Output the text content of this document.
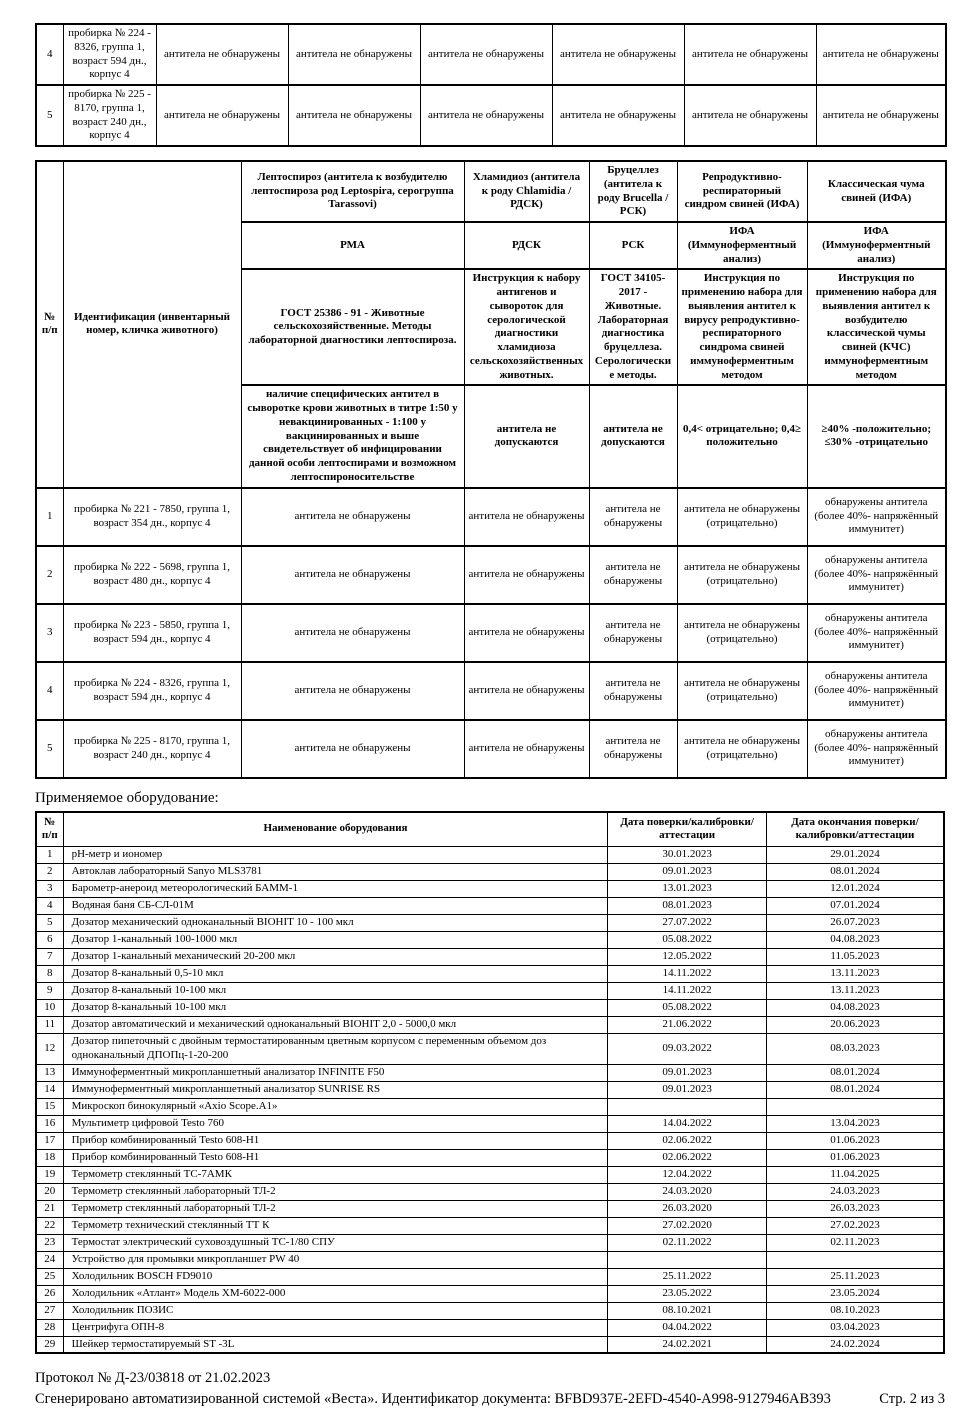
4	пробирка № 224 - 8326, группа 1, возраст 594 дн., корпус 4	антитела не обнаружены	антитела не обнаружены	антитела не обнаружены	антитела не обнаружены	антитела не обнаружены	антитела не обнаружены
5	пробирка № 225 - 8170, группа 1, возраст 240 дн., корпус 4	антитела не обнаружены	антитела не обнаружены	антитела не обнаружены	антитела не обнаружены	антитела не обнаружены	антитела не обнаружены
№ п/п	Идентификация (инвентарный номер, кличка животного)	Лептоспироз (антитела к возбудителю лептоспироза род Leptospira, серогруппа Tarassovi)	Хламидиоз (антитела к роду Chlamidia / РДСК)	Бруцеллез (антитела к роду Brucella / РСК)	Репродуктивно-респираторный синдром свиней (ИФА)	Классическая чума свиней (ИФА)
		РМА	РДСК	РСК	ИФА (Иммуноферментный анализ)	ИФА (Иммуноферментный анализ)
		ГОСТ 25386 - 91 - Животные сельскохозяйственные. Методы лабораторной диагностики лептоспироза.	Инструкция к набору антигенов и сывороток для серологической диагностики хламидиоза сельскохозяйственных животных.	ГОСТ 34105-2017 - Животные. Лабораторная диагностика бруцеллеза. Серологические методы.	Инструкция по применению набора для выявления антител к вирусу репродуктивно-респираторного синдрома свиней иммуноферментным методом	Инструкция по применению набора для выявления антител к возбудителю классической чумы свиней (КЧС) иммуноферментным методом
		наличие специфических антител в сыворотке крови животных в титре 1:50 у невакцинированных - 1:100 у вакцинированных и выше свидетельствует об инфицировании данной особи лептоспирами и возможном лептоспироносительстве	антитела не допускаются	антитела не допускаются	0,4< отрицательно; 0,4≥ положительно	≥40% -положительно; ≤30% -отрицательно
1	пробирка № 221 - 7850, группа 1, возраст 354 дн., корпус 4	антитела не обнаружены	антитела не обнаружены	антитела не обнаружены	антитела не обнаружены (отрицательно)	обнаружены антитела (более 40%- напряжённый иммунитет)
2	пробирка № 222 - 5698, группа 1, возраст 480 дн., корпус 4	антитела не обнаружены	антитела не обнаружены	антитела не обнаружены	антитела не обнаружены (отрицательно)	обнаружены антитела (более 40%- напряжённый иммунитет)
3	пробирка № 223 - 5850, группа 1, возраст 594 дн., корпус 4	антитела не обнаружены	антитела не обнаружены	антитела не обнаружены	антитела не обнаружены (отрицательно)	обнаружены антитела (более 40%- напряжённый иммунитет)
4	пробирка № 224 - 8326, группа 1, возраст 594 дн., корпус 4	антитела не обнаружены	антитела не обнаружены	антитела не обнаружены	антитела не обнаружены (отрицательно)	обнаружены антитела (более 40%- напряжённый иммунитет)
5	пробирка № 225 - 8170, группа 1, возраст 240 дн., корпус 4	антитела не обнаружены	антитела не обнаружены	антитела не обнаружены	антитела не обнаружены (отрицательно)	обнаружены антитела (более 40%- напряжённый иммунитет)
Применяемое оборудование:
№ п/п	Наименование оборудования	Дата поверки/калибровки/аттестации	Дата окончания поверки/калибровки/аттестации
1	pH-метр и иономер	30.01.2023	29.01.2024
2	Автоклав лабораторный Sanyo MLS3781	09.01.2023	08.01.2024
3	Барометр-анероид метеорологический БАММ-1	13.01.2023	12.01.2024
4	Водяная баня СБ-СЛ-01М	08.01.2023	07.01.2024
5	Дозатор механический одноканальный BIOHIT 10 - 100 мкл	27.07.2022	26.07.2023
6	Дозатор 1-канальный 100-1000 мкл	05.08.2022	04.08.2023
7	Дозатор 1-канальный механический 20-200 мкл	12.05.2022	11.05.2023
8	Дозатор 8-канальный 0,5-10 мкл	14.11.2022	13.11.2023
9	Дозатор 8-канальный 10-100 мкл	14.11.2022	13.11.2023
10	Дозатор 8-канальный 10-100 мкл	05.08.2022	04.08.2023
11	Дозатор автоматический и механический одноканальный BIOHIT 2,0 - 5000,0 мкл	21.06.2022	20.06.2023
12	Дозатор пипеточный с двойным термостатированным цветным корпусом с переменным объемом доз одноканальный ДПОПц-1-20-200	09.03.2022	08.03.2023
13	Иммуноферментный микропланшетный анализатор INFINITE F50	09.01.2023	08.01.2024
14	Иммуноферментный микропланшетный анализатор SUNRISE RS	09.01.2023	08.01.2024
15	Микроскоп бинокулярный «Axio Scope.A1»		
16	Мультиметр цифровой Testo 760	14.04.2022	13.04.2023
17	Прибор комбинированный Testo 608-H1	02.06.2022	01.06.2023
18	Прибор комбинированный Testo 608-H1	02.06.2022	01.06.2023
19	Термометр стеклянный ТС-7АМК	12.04.2022	11.04.2025
20	Термометр стеклянный лабораторный ТЛ-2	24.03.2020	24.03.2023
21	Термометр стеклянный лабораторный ТЛ-2	26.03.2020	26.03.2023
22	Термометр технический стеклянный ТТ К	27.02.2020	27.02.2023
23	Термостат электрический суховоздушный ТС-1/80 СПУ	02.11.2022	02.11.2023
24	Устройство для промывки микропланшет PW 40		
25	Холодильник BOSCH FD9010	25.11.2022	25.11.2023
26	Холодильник «Атлант» Модель ХМ-6022-000	23.05.2022	23.05.2024
27	Холодильник ПОЗИС	08.10.2021	08.10.2023
28	Центрифуга ОПН-8	04.04.2022	03.04.2023
29	Шейкер термостатируемый ST -3L	24.02.2021	24.02.2024
Протокол № Д-23/03818 от 21.02.2023
Сгенерировано автоматизированной системой «Веста». Идентификатор документа: BFBD937E-2EFD-4540-A998-9127946AB393	Стр. 2 из 3
